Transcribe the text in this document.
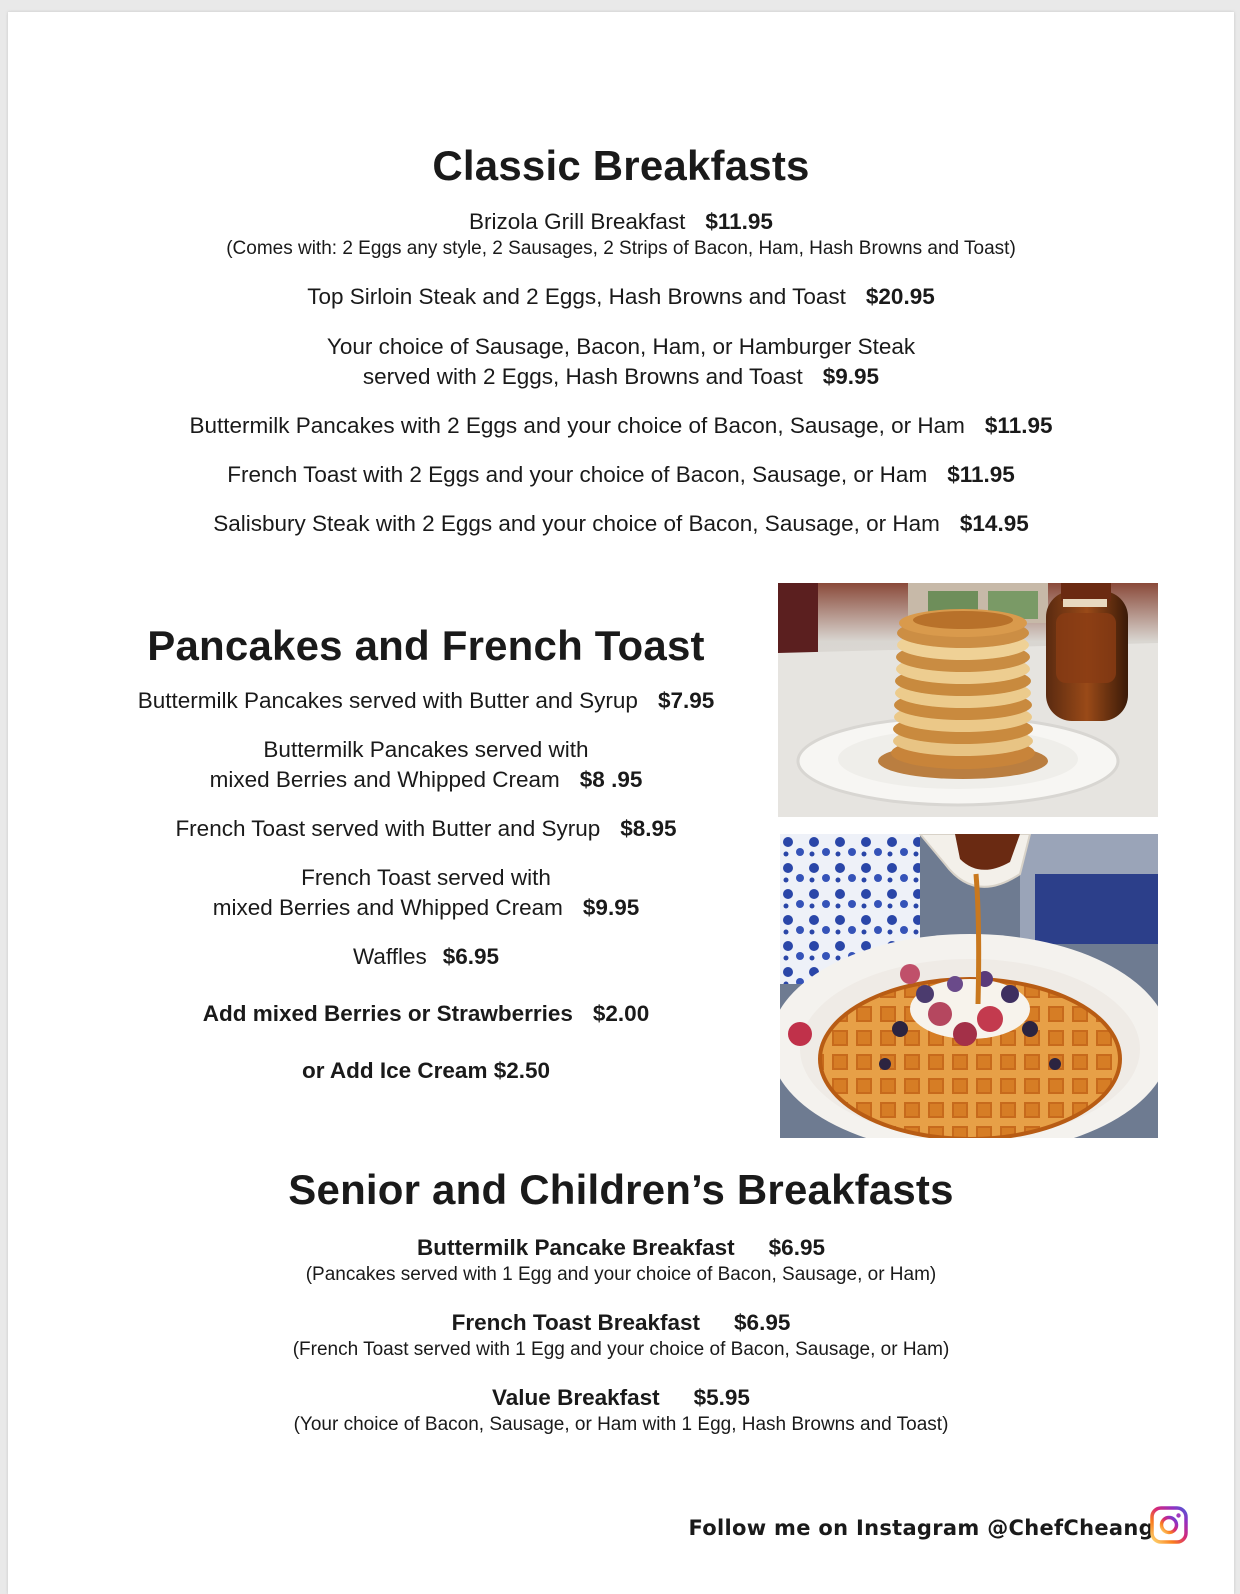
Classic Breakfasts
Brizola Grill Breakfast $11.95
(Comes with: 2 Eggs any style, 2 Sausages, 2 Strips of Bacon, Ham, Hash Browns and Toast)
Top Sirloin Steak and 2 Eggs, Hash Browns and Toast $20.95
Your choice of Sausage, Bacon, Ham, or Hamburger Steak
served with 2 Eggs, Hash Browns and Toast $9.95
Buttermilk Pancakes with 2 Eggs and your choice of Bacon, Sausage, or Ham $11.95
French Toast with 2 Eggs and your choice of Bacon, Sausage, or Ham $11.95
Salisbury Steak with 2 Eggs and your choice of Bacon, Sausage, or Ham $14.95
Pancakes and French Toast
Buttermilk Pancakes served with Butter and Syrup $7.95
Buttermilk Pancakes served with
mixed Berries and Whipped Cream $8 .95
French Toast served with Butter and Syrup $8.95
French Toast served with
mixed Berries and Whipped Cream $9.95
Waffles $6.95
Add mixed Berries or Strawberries $2.00
or Add Ice Cream $2.50
Senior and Children’s Breakfasts
Buttermilk Pancake Breakfast $6.95
(Pancakes served with 1 Egg and your choice of Bacon, Sausage, or Ham)
French Toast Breakfast $6.95
(French Toast served with 1 Egg and your choice of Bacon, Sausage, or Ham)
Value Breakfast $5.95
(Your choice of Bacon, Sausage, or Ham with 1 Egg, Hash Browns and Toast)
Follow me on Instagram @ChefCheang
